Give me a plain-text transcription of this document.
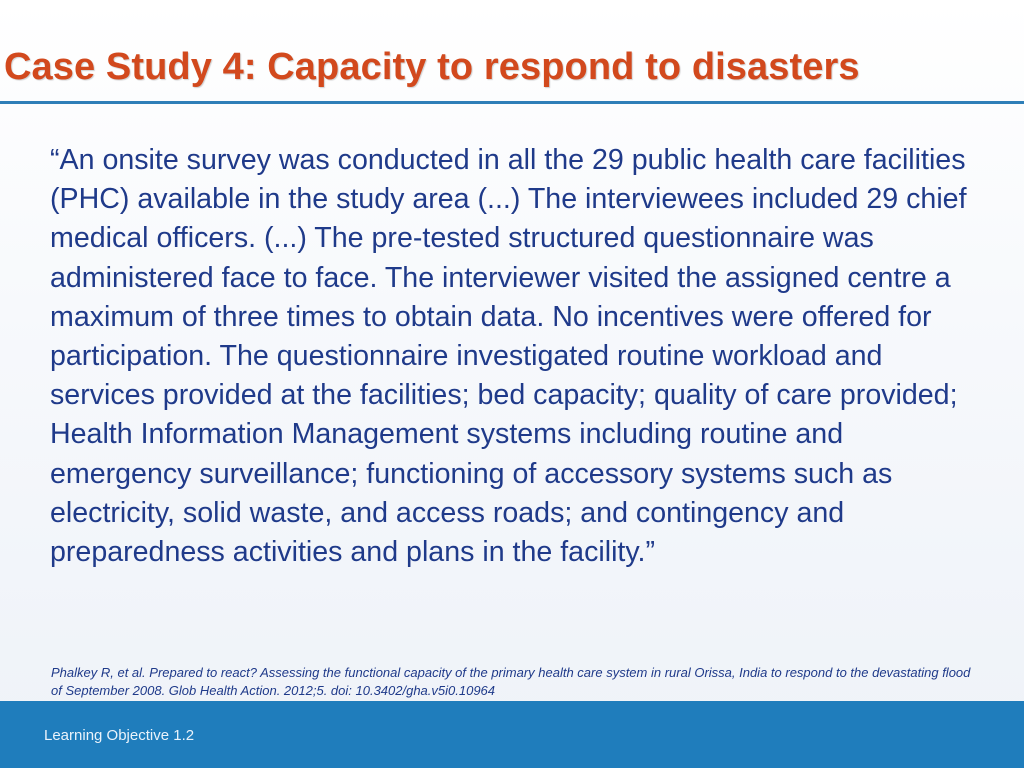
Case Study 4: Capacity to respond to disasters

“An onsite survey was conducted in all the 29 public health care facilities (PHC) available in the study area (...) The interviewees included 29 chief medical officers. (...) The pre-tested structured questionnaire was administered face to face. The interviewer visited the assigned centre a maximum of three times to obtain data. No incentives were offered for participation. The questionnaire investigated routine workload and services provided at the facilities; bed capacity; quality of care provided; Health Information Management systems including routine and emergency surveillance; functioning of accessory systems such as electricity, solid waste, and access roads; and contingency and preparedness activities and plans in the facility.”

Phalkey R, et al. Prepared to react? Assessing the functional capacity of the primary health care system in rural Orissa, India to respond to the devastating flood of September 2008. Glob Health Action. 2012;5. doi: 10.3402/gha.v5i0.10964

Learning Objective 1.2
